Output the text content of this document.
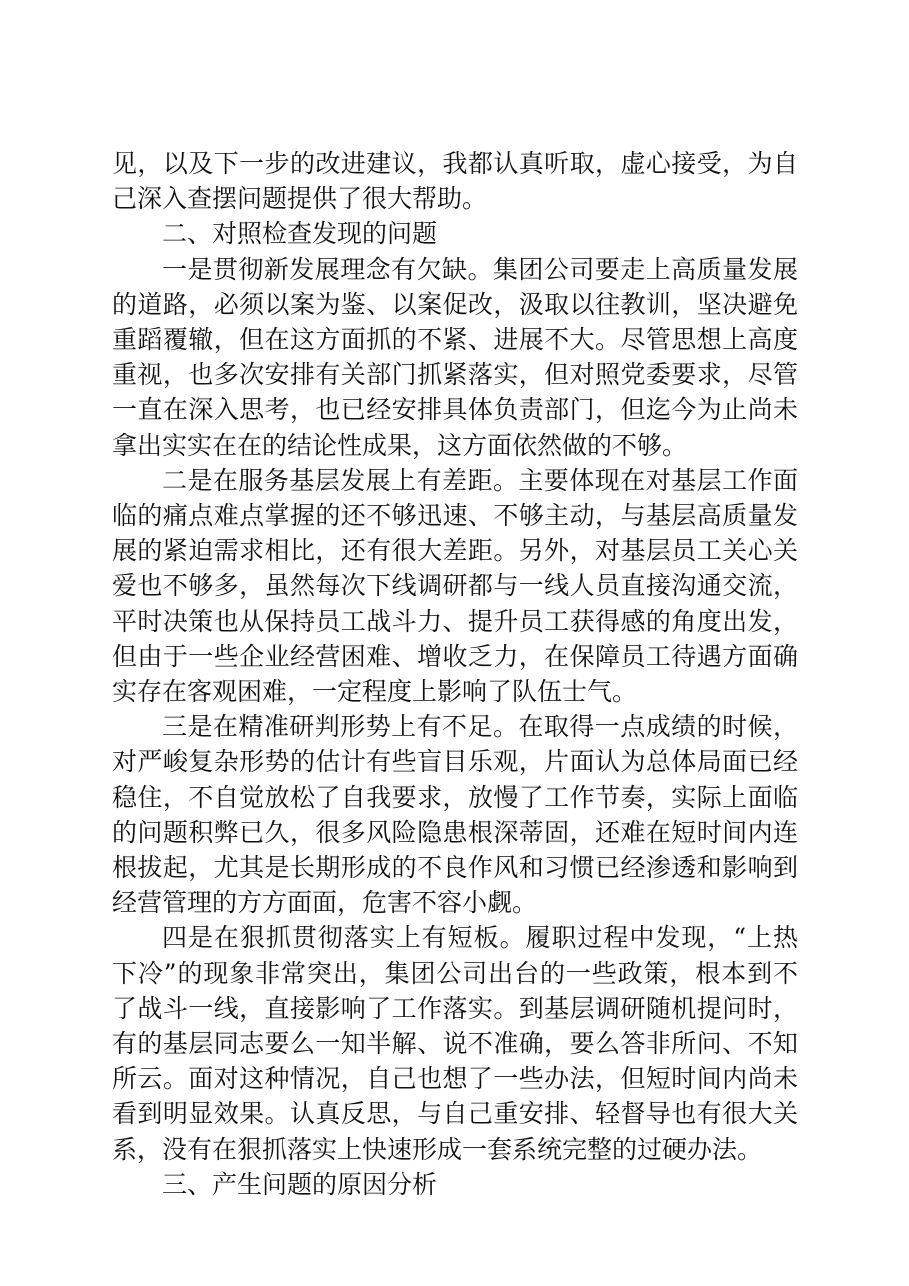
见，以及下一步的改进建议，我都认真听取，虚心接受，为自己深入查摆问题提供了很大帮助。

二、对照检查发现的问题

一是贯彻新发展理念有欠缺。集团公司要走上高质量发展的道路，必须以案为鉴、以案促改，汲取以往教训，坚决避免重蹈覆辙，但在这方面抓的不紧、进展不大。尽管思想上高度重视，也多次安排有关部门抓紧落实，但对照党委要求，尽管一直在深入思考，也已经安排具体负责部门，但迄今为止尚未拿出实实在在的结论性成果，这方面依然做的不够。

二是在服务基层发展上有差距。主要体现在对基层工作面临的痛点难点掌握的还不够迅速、不够主动，与基层高质量发展的紧迫需求相比，还有很大差距。另外，对基层员工关心关爱也不够多，虽然每次下线调研都与一线人员直接沟通交流，平时决策也从保持员工战斗力、提升员工获得感的角度出发，但由于一些企业经营困难、增收乏力，在保障员工待遇方面确实存在客观困难，一定程度上影响了队伍士气。

三是在精准研判形势上有不足。在取得一点成绩的时候，对严峻复杂形势的估计有些盲目乐观，片面认为总体局面已经稳住，不自觉放松了自我要求，放慢了工作节奏，实际上面临的问题积弊已久，很多风险隐患根深蒂固，还难在短时间内连根拔起，尤其是长期形成的不良作风和习惯已经渗透和影响到经营管理的方方面面，危害不容小觑。

四是在狠抓贯彻落实上有短板。履职过程中发现，“上热下冷”的现象非常突出，集团公司出台的一些政策，根本到不了战斗一线，直接影响了工作落实。到基层调研随机提问时，有的基层同志要么一知半解、说不准确，要么答非所问、不知所云。面对这种情况，自己也想了一些办法，但短时间内尚未看到明显效果。认真反思，与自己重安排、轻督导也有很大关系，没有在狠抓落实上快速形成一套系统完整的过硬办法。

三、产生问题的原因分析
